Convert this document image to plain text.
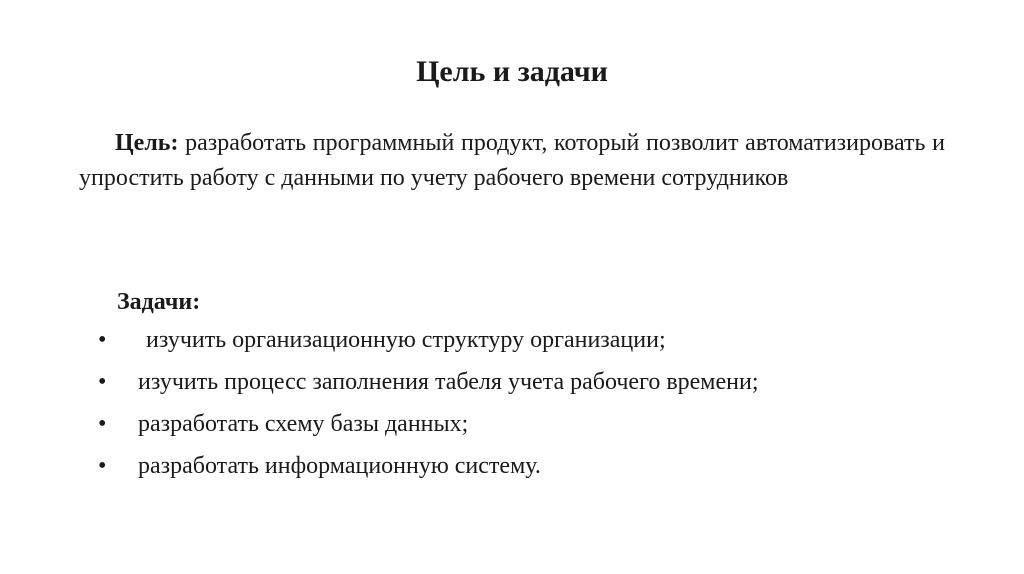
Цель и задачи
Цель: разработать программный продукт, который позволит автоматизировать и упростить работу с данными по учету рабочего времени сотрудников
Задачи:
• изучить организационную структуру организации;
• изучить процесс заполнения табеля учета рабочего времени;
• разработать схему базы данных;
• разработать информационную систему.
